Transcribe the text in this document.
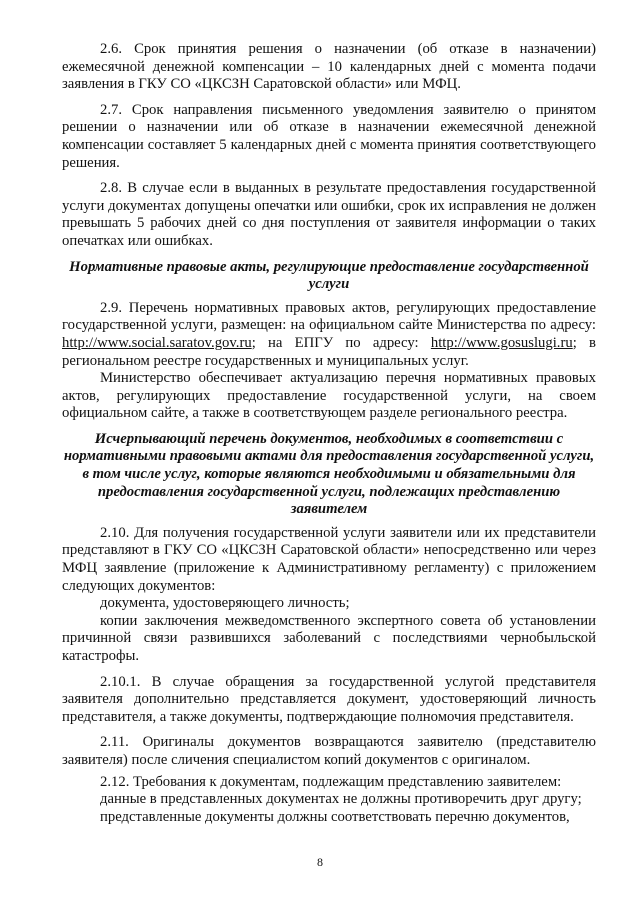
2.6. Срок принятия решения о назначении (об отказе в назначении) ежемесячной денежной компенсации – 10 календарных дней с момента подачи заявления в ГКУ СО «ЦКСЗН Саратовской области» или МФЦ.

2.7. Срок направления письменного уведомления заявителю о принятом решении о назначении или об отказе в назначении ежемесячной денежной компенсации составляет 5 календарных дней с момента принятия соответствующего решения.

2.8. В случае если в выданных в результате предоставления государственной услуги документах допущены опечатки или ошибки, срок их исправления не должен превышать 5 рабочих дней со дня поступления от заявителя информации о таких опечатках или ошибках.

Нормативные правовые акты, регулирующие предоставление государственной услуги

2.9. Перечень нормативных правовых актов, регулирующих предоставление государственной услуги, размещен: на официальном сайте Министерства по адресу: http://www.social.saratov.gov.ru; на ЕПГУ по адресу: http://www.gosuslugi.ru; в региональном реестре государственных и муниципальных услуг.

Министерство обеспечивает актуализацию перечня нормативных правовых актов, регулирующих предоставление государственной услуги, на своем официальном сайте, а также в соответствующем разделе регионального реестра.

Исчерпывающий перечень документов, необходимых в соответствии с нормативными правовыми актами для предоставления государственной услуги, в том числе услуг, которые являются необходимыми и обязательными для предоставления государственной услуги, подлежащих представлению заявителем

2.10. Для получения государственной услуги заявители или их представители представляют в ГКУ СО «ЦКСЗН Саратовской области» непосредственно или через МФЦ заявление (приложение к Административному регламенту) с приложением следующих документов:

документа, удостоверяющего личность;

копии заключения межведомственного экспертного совета об установлении причинной связи развившихся заболеваний с последствиями чернобыльской катастрофы.

2.10.1. В случае обращения за государственной услугой представителя заявителя дополнительно представляется документ, удостоверяющий личность представителя, а также документы, подтверждающие полномочия представителя.

2.11. Оригиналы документов возвращаются заявителю (представителю заявителя) после сличения специалистом копий документов с оригиналом.

2.12. Требования к документам, подлежащим представлению заявителем:

данные в представленных документах не должны противоречить друг другу;

представленные документы должны соответствовать перечню документов,

8
